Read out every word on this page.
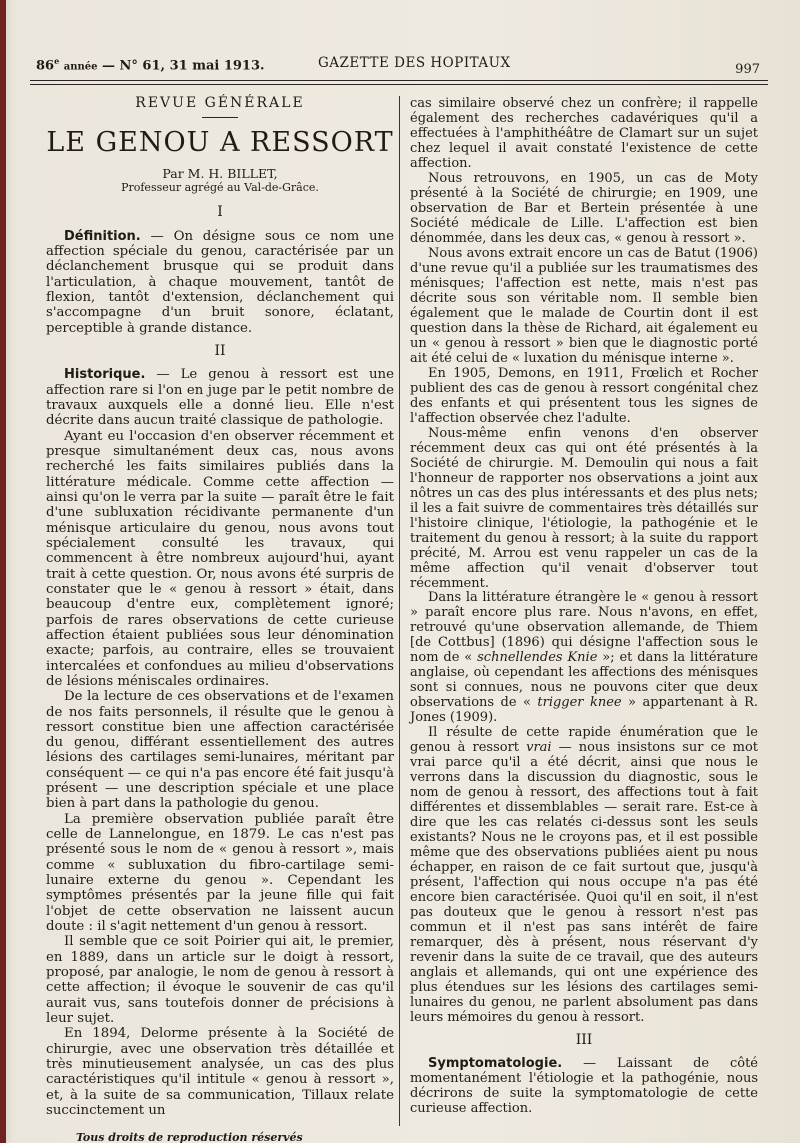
86e année — N° 61, 31 mai 1913.	GAZETTE DES HOPITAUX	997
REVUE GÉNÉRALE
LE GENOU A RESSORT
Par M. H. BILLET,
Professeur agrégé au Val-de-Grâce.
I

Définition. — On désigne sous ce nom une affection spéciale du genou, caractérisée par un déclanchement brusque qui se produit dans l'articulation, à chaque mouvement, tantôt de flexion, tantôt d'extension, déclanchement qui s'accompagne d'un bruit sonore, éclatant, perceptible à grande distance.

II

Historique. — Le genou à ressort est une affection rare si l'on en juge par le petit nombre de travaux auxquels elle a donné lieu. Elle n'est décrite dans aucun traité classique de pathologie.

Ayant eu l'occasion d'en observer récemment et presque simultanément deux cas, nous avons recherché les faits similaires publiés dans la littérature médicale. Comme cette affection — ainsi qu'on le verra par la suite — paraît être le fait d'une subluxation récidivante permanente d'un ménisque articulaire du genou, nous avons tout spécialement consulté les travaux, qui commencent à être nombreux aujourd'hui, ayant trait à cette question. Or, nous avons été surpris de constater que le « genou à ressort » était, dans beaucoup d'entre eux, complètement ignoré; parfois de rares observations de cette curieuse affection étaient publiées sous leur dénomination exacte; parfois, au contraire, elles se trouvaient intercalées et confondues au milieu d'observations de lésions méniscales ordinaires.

De la lecture de ces observations et de l'examen de nos faits personnels, il résulte que le genou à ressort constitue bien une affection caractérisée du genou, différant essentiellement des autres lésions des cartilages semi-lunaires, méritant par conséquent — ce qui n'a pas encore été fait jusqu'à présent — une description spéciale et une place bien à part dans la pathologie du genou.

La première observation publiée paraît être celle de Lannelongue, en 1879. Le cas n'est pas présenté sous le nom de « genou à ressort », mais comme « subluxation du fibro-cartilage semi-lunaire externe du genou ». Cependant les symptômes présentés par la jeune fille qui fait l'objet de cette observation ne laissent aucun doute : il s'agit nettement d'un genou à ressort.

Il semble que ce soit Poirier qui ait, le premier, en 1889, dans un article sur le doigt à ressort, proposé, par analogie, le nom de genou à ressort à cette affection; il évoque le souvenir de cas qu'il aurait vus, sans toutefois donner de précisions à leur sujet.

En 1894, Delorme présente à la Société de chirurgie, avec une observation très détaillée et très minutieusement analysée, un cas des plus caractéristiques qu'il intitule « genou à ressort », et, à la suite de sa communication, Tillaux relate succinctement un

cas similaire observé chez un confrère; il rappelle également des recherches cadavériques qu'il a effectuées à l'amphithéâtre de Clamart sur un sujet chez lequel il avait constaté l'existence de cette affection.

Nous retrouvons, en 1905, un cas de Moty présenté à la Société de chirurgie; en 1909, une observation de Bar et Bertein présentée à une Société médicale de Lille. L'affection est bien dénommée, dans les deux cas, « genou à ressort ».

Nous avons extrait encore un cas de Batut (1906) d'une revue qu'il a publiée sur les traumatismes des ménisques; l'affection est nette, mais n'est pas décrite sous son véritable nom. Il semble bien également que le malade de Courtin dont il est question dans la thèse de Richard, ait également eu un « genou à ressort » bien que le diagnostic porté ait été celui de « luxation du ménisque interne ».

En 1905, Demons, en 1911, Frœlich et Rocher publient des cas de genou à ressort congénital chez des enfants et qui présentent tous les signes de l'affection observée chez l'adulte.

Nous-même enfin venons d'en observer récemment deux cas qui ont été présentés à la Société de chirurgie. M. Demoulin qui nous a fait l'honneur de rapporter nos observations a joint aux nôtres un cas des plus intéressants et des plus nets; il les a fait suivre de commentaires très détaillés sur l'histoire clinique, l'étiologie, la pathogénie et le traitement du genou à ressort; à la suite du rapport précité, M. Arrou est venu rappeler un cas de la même affection qu'il venait d'observer tout récemment.

Dans la littérature étrangère le « genou à ressort » paraît encore plus rare. Nous n'avons, en effet, retrouvé qu'une observation allemande, de Thiem [de Cottbus] (1896) qui désigne l'affection sous le nom de « schnellendes Knie »; et dans la littérature anglaise, où cependant les affections des ménisques sont si connues, nous ne pouvons citer que deux observations de « trigger knee » appartenant à R. Jones (1909).

Il résulte de cette rapide énumération que le genou à ressort vrai — nous insistons sur ce mot vrai parce qu'il a été décrit, ainsi que nous le verrons dans la discussion du diagnostic, sous le nom de genou à ressort, des affections tout à fait différentes et dissemblables — serait rare. Est-ce à dire que les cas relatés ci-dessus sont les seuls existants? Nous ne le croyons pas, et il est possible même que des observations publiées aient pu nous échapper, en raison de ce fait surtout que, jusqu'à présent, l'affection qui nous occupe n'a pas été encore bien caractérisée. Quoi qu'il en soit, il n'est pas douteux que le genou à ressort n'est pas commun et il n'est pas sans intérêt de faire remarquer, dès à présent, nous réservant d'y revenir dans la suite de ce travail, que des auteurs anglais et allemands, qui ont une expérience des plus étendues sur les lésions des cartilages semi-lunaires du genou, ne parlent absolument pas dans leurs mémoires du genou à ressort.

III

Symptomatologie. — Laissant de côté momentanément l'étiologie et la pathogénie, nous décrirons de suite la symptomatologie de cette curieuse affection.

Tous droits de reproduction réservés
